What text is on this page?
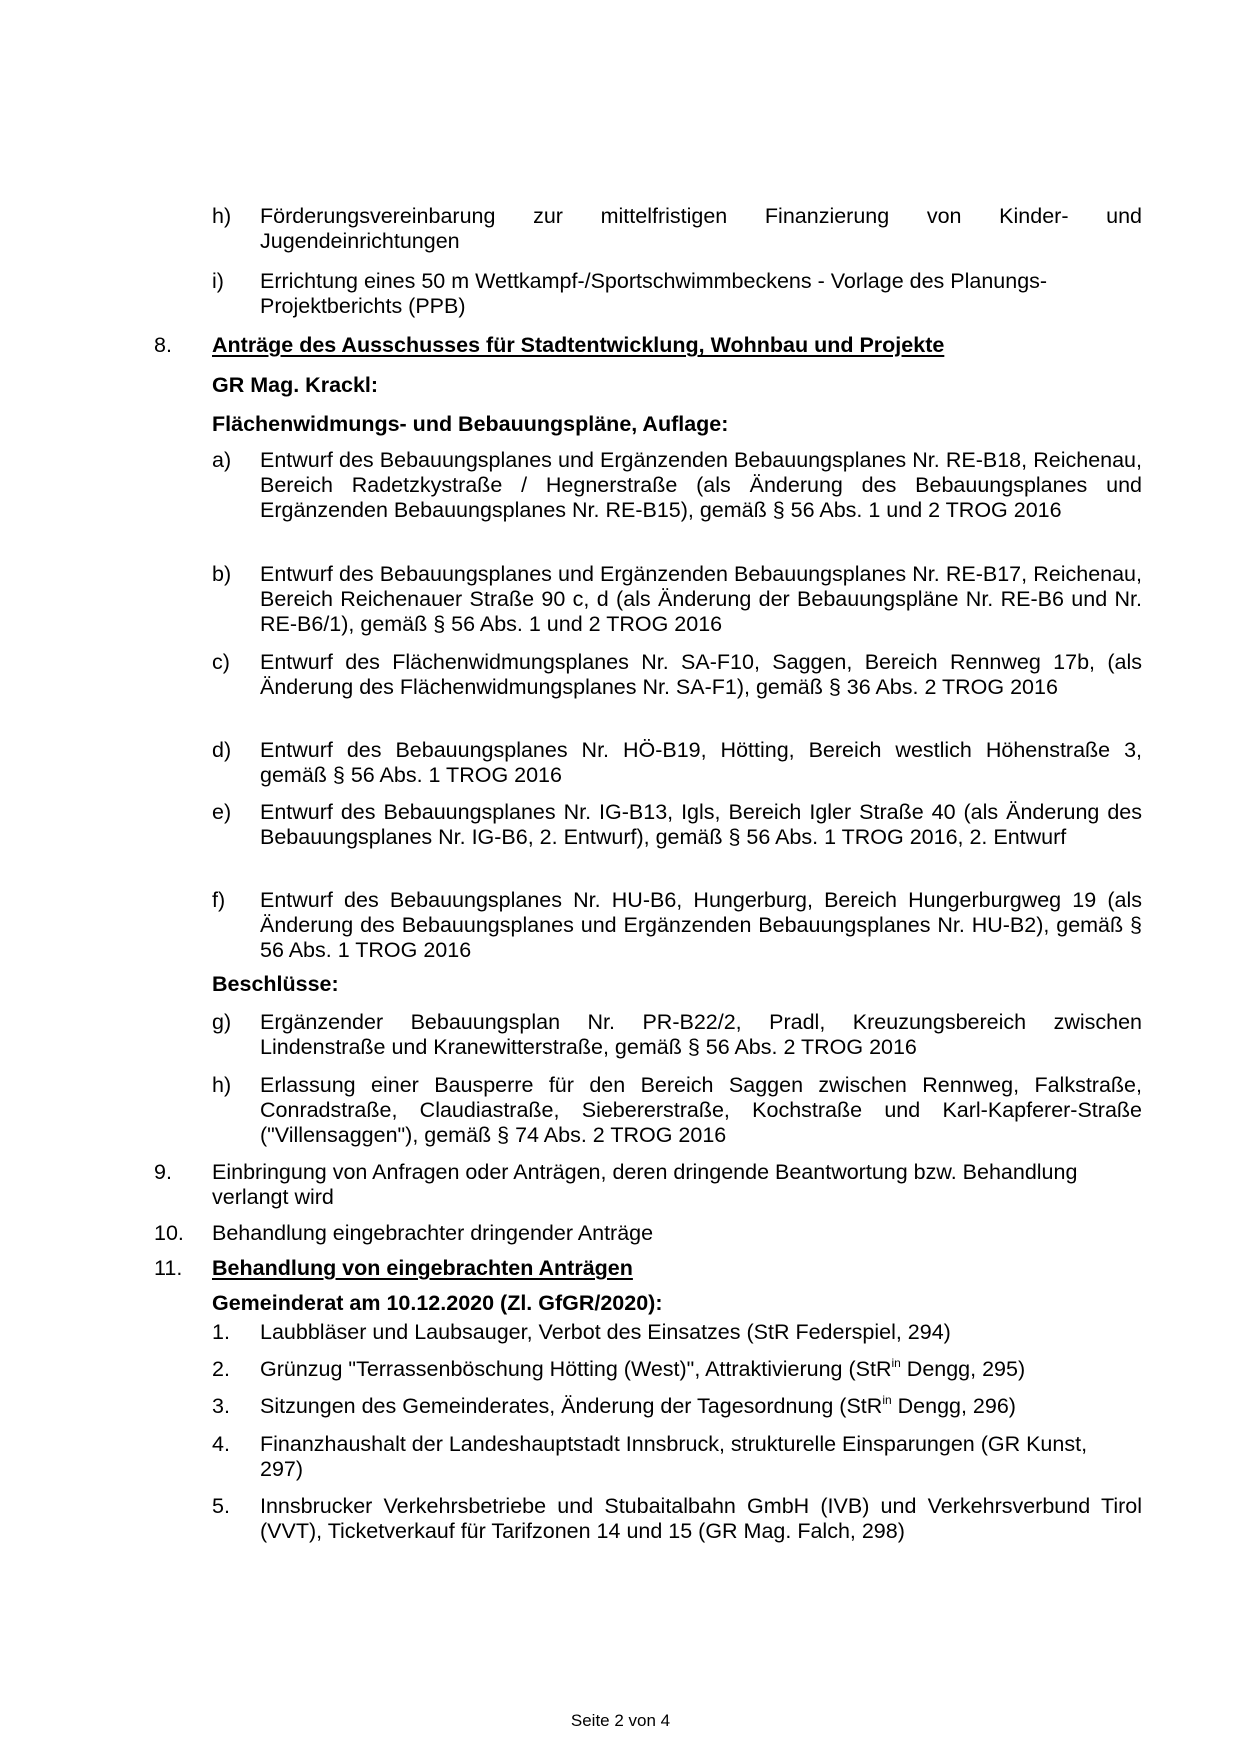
h) Förderungsvereinbarung zur mittelfristigen Finanzierung von Kinder- und Jugendeinrichtungen
i) Errichtung eines 50 m Wettkampf-/Sportschwimmbeckens - Vorlage des Planungs-Projektberichts (PPB)
8. Anträge des Ausschusses für Stadtentwicklung, Wohnbau und Projekte
GR Mag. Krackl:
Flächenwidmungs- und Bebauungspläne, Auflage:
a) Entwurf des Bebauungsplanes und Ergänzenden Bebauungsplanes Nr. RE-B18, Reichenau, Bereich Radetzkystraße / Hegnerstraße (als Änderung des Bebauungsplanes und Ergänzenden Bebauungsplanes Nr. RE-B15), gemäß § 56 Abs. 1 und 2 TROG 2016
b) Entwurf des Bebauungsplanes und Ergänzenden Bebauungsplanes Nr. RE-B17, Reichenau, Bereich Reichenauer Straße 90 c, d (als Änderung der Bebauungspläne Nr. RE-B6 und Nr. RE-B6/1), gemäß § 56 Abs. 1 und 2 TROG 2016
c) Entwurf des Flächenwidmungsplanes Nr. SA-F10, Saggen, Bereich Rennweg 17b, (als Änderung des Flächenwidmungsplanes Nr. SA-F1), gemäß § 36 Abs. 2 TROG 2016
d) Entwurf des Bebauungsplanes Nr. HÖ-B19, Hötting, Bereich westlich Höhenstraße 3, gemäß § 56 Abs. 1 TROG 2016
e) Entwurf des Bebauungsplanes Nr. IG-B13, Igls, Bereich Igler Straße 40 (als Änderung des Bebauungsplanes Nr. IG-B6, 2. Entwurf), gemäß § 56 Abs. 1 TROG 2016, 2. Entwurf
f) Entwurf des Bebauungsplanes Nr. HU-B6, Hungerburg, Bereich Hungerburgweg 19 (als Änderung des Bebauungsplanes und Ergänzenden Bebauungsplanes Nr. HU-B2), gemäß § 56 Abs. 1 TROG 2016
Beschlüsse:
g) Ergänzender Bebauungsplan Nr. PR-B22/2, Pradl, Kreuzungsbereich zwischen Lindenstraße und Kranewitterstraße, gemäß § 56 Abs. 2 TROG 2016
h) Erlassung einer Bausperre für den Bereich Saggen zwischen Rennweg, Falkstraße, Conradstraße, Claudiastraße, Siebererstraße, Kochstraße und Karl-Kapferer-Straße ("Villensaggen"), gemäß § 74 Abs. 2 TROG 2016
9. Einbringung von Anfragen oder Anträgen, deren dringende Beantwortung bzw. Behandlung verlangt wird
10. Behandlung eingebrachter dringender Anträge
11. Behandlung von eingebrachten Anträgen
Gemeinderat am 10.12.2020 (Zl. GfGR/2020):
1. Laubbläser und Laubsauger, Verbot des Einsatzes (StR Federspiel, 294)
2. Grünzug "Terrassenböschung Hötting (West)", Attraktivierung (StR$^{in}$ Dengg, 295)
3. Sitzungen des Gemeinderates, Änderung der Tagesordnung (StR$^{in}$ Dengg, 296)
4. Finanzhaushalt der Landeshauptstadt Innsbruck, strukturelle Einsparungen (GR Kunst, 297)
5. Innsbrucker Verkehrsbetriebe und Stubaitalbahn GmbH (IVB) und Verkehrsverbund Tirol (VVT), Ticketverkauf für Tarifzonen 14 und 15 (GR Mag. Falch, 298)
Seite 2 von 4
